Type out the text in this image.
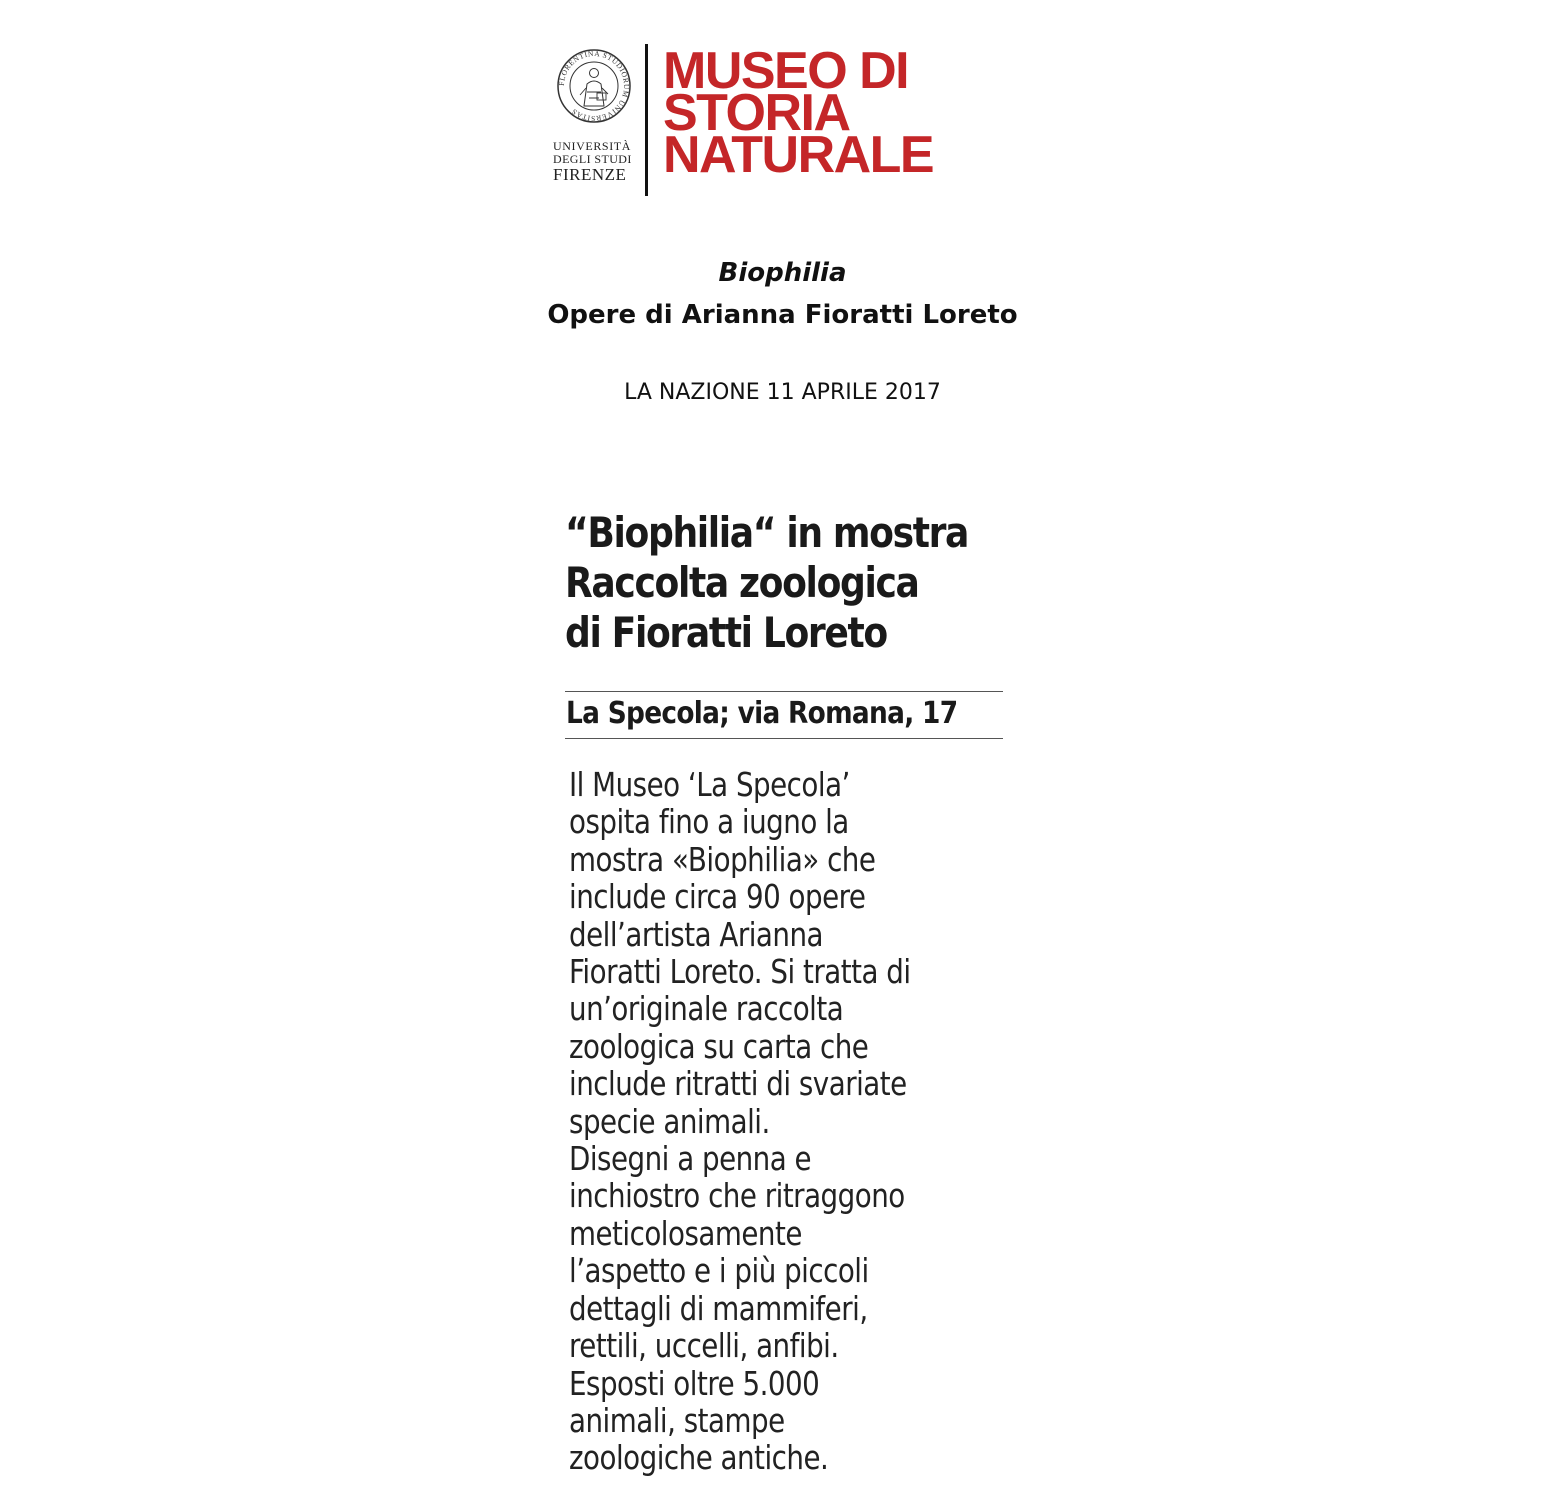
FLORENTINA STUDIORUM UNIVERSITAS
UNIVERSITÀ
DEGLI STUDI
FIRENZE
MUSEO DI
STORIA
NATURALE
Biophilia
Opere di Arianna Fioratti Loreto
LA NAZIONE 11 APRILE 2017
“Biophilia“ in mostra
Raccolta zoologica
di Fioratti Loreto
La Specola; via Romana, 17
Il Museo ‘La Specola’
ospita fino a iugno la
mostra «Biophilia» che
include circa 90 opere
dell’artista Arianna
Fioratti Loreto. Si tratta di
un’originale raccolta
zoologica su carta che
include ritratti di svariate
specie animali.
Disegni a penna e
inchiostro che ritraggono
meticolosamente
l’aspetto e i più piccoli
dettagli di mammiferi,
rettili, uccelli, anfibi.
Esposti oltre 5.000
animali, stampe
zoologiche antiche.
